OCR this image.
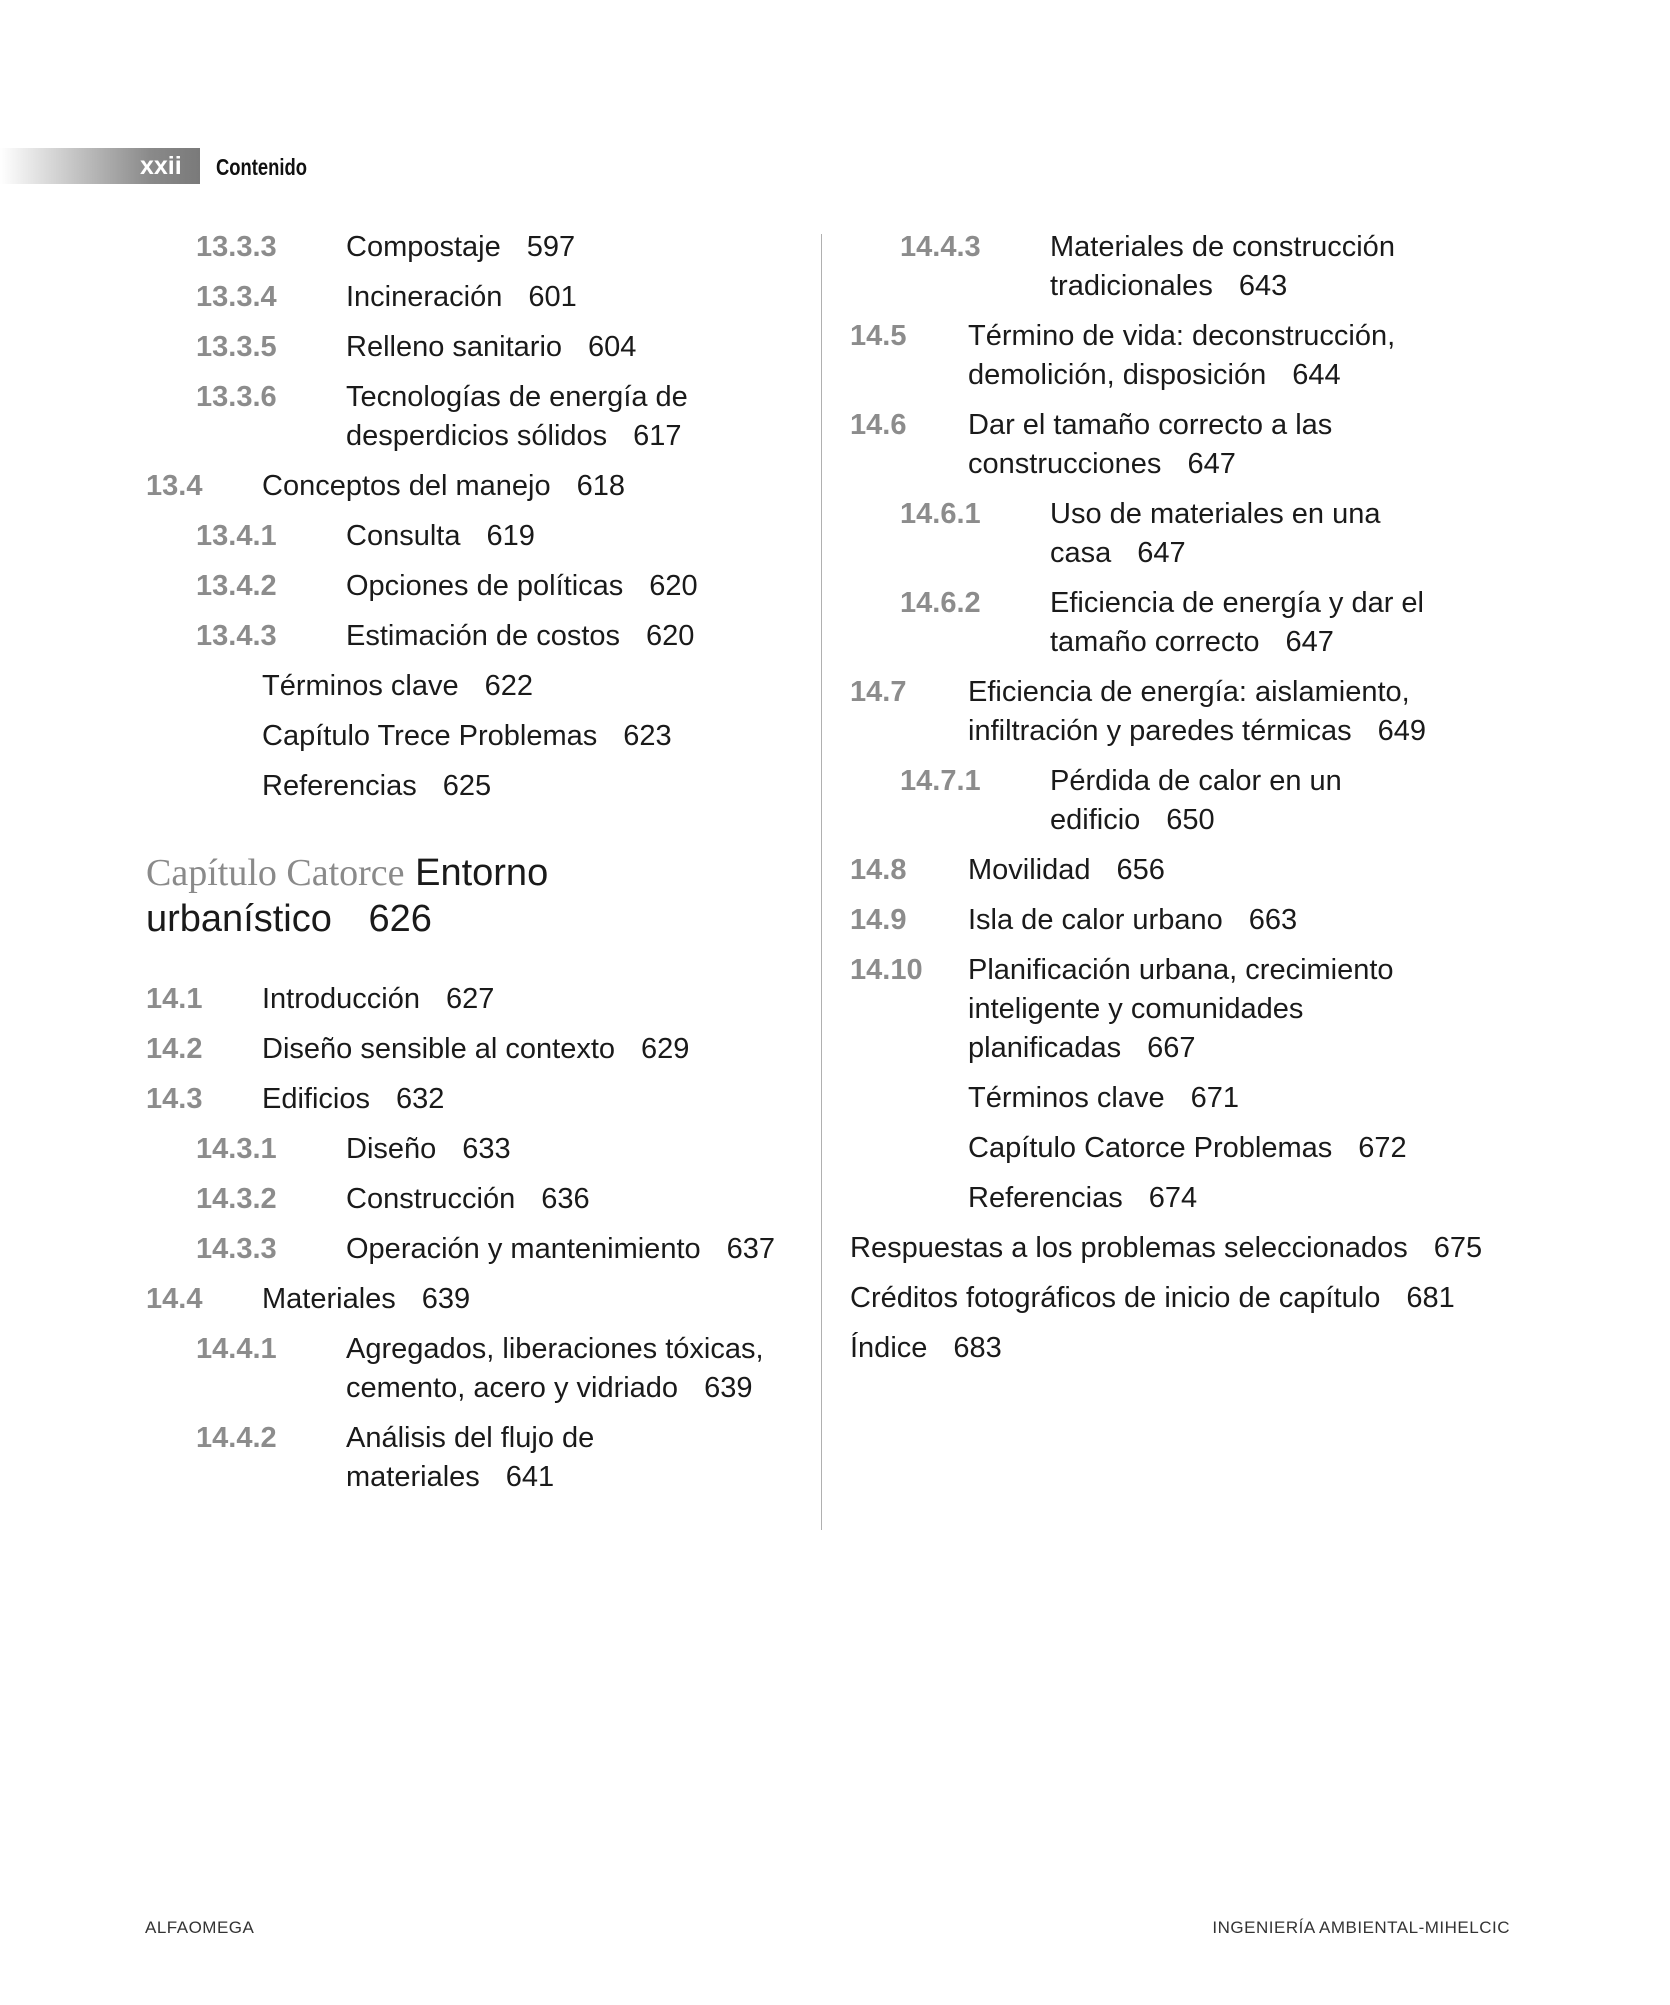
xxii Contenido
13.3.3 Compostaje 597
13.3.4 Incineración 601
13.3.5 Relleno sanitario 604
13.3.6 Tecnologías de energía de desperdicios sólidos 617
13.4 Conceptos del manejo 618
13.4.1 Consulta 619
13.4.2 Opciones de políticas 620
13.4.3 Estimación de costos 620
Términos clave 622
Capítulo Trece Problemas 623
Referencias 625
Capítulo Catorce Entorno urbanístico 626
14.1 Introducción 627
14.2 Diseño sensible al contexto 629
14.3 Edificios 632
14.3.1 Diseño 633
14.3.2 Construcción 636
14.3.3 Operación y mantenimiento 637
14.4 Materiales 639
14.4.1 Agregados, liberaciones tóxicas, cemento, acero y vidriado 639
14.4.2 Análisis del flujo de materiales 641
14.4.3 Materiales de construcción tradicionales 643
14.5 Término de vida: deconstrucción, demolición, disposición 644
14.6 Dar el tamaño correcto a las construcciones 647
14.6.1 Uso de materiales en una casa 647
14.6.2 Eficiencia de energía y dar el tamaño correcto 647
14.7 Eficiencia de energía: aislamiento, infiltración y paredes térmicas 649
14.7.1 Pérdida de calor en un edificio 650
14.8 Movilidad 656
14.9 Isla de calor urbano 663
14.10 Planificación urbana, crecimiento inteligente y comunidades planificadas 667
Términos clave 671
Capítulo Catorce Problemas 672
Referencias 674
Respuestas a los problemas seleccionados 675
Créditos fotográficos de inicio de capítulo 681
Índice 683
ALFAOMEGA	INGENIERÍA AMBIENTAL-MIHELCIC
